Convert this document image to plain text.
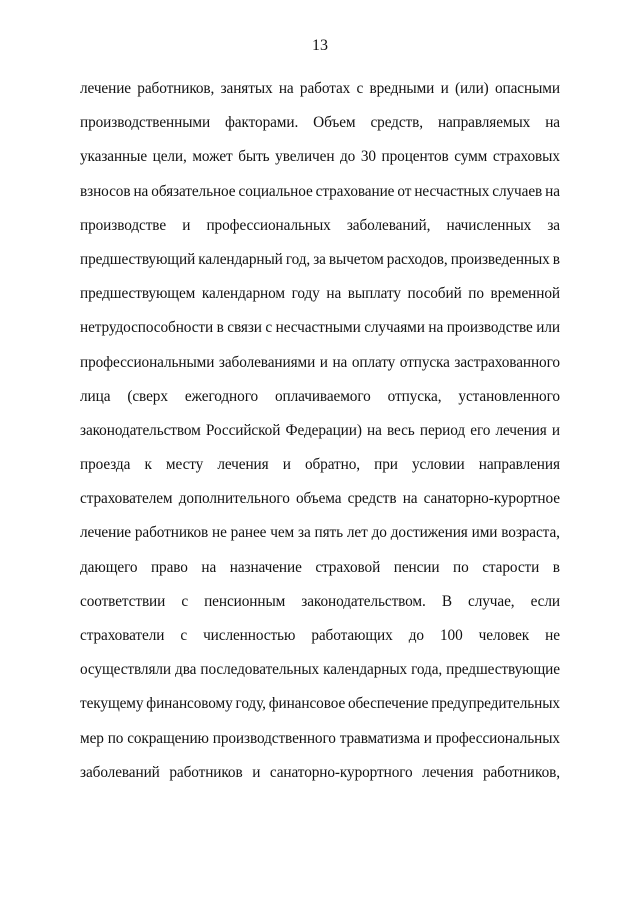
13
лечение работников, занятых на работах с вредными и (или) опасными
производственными факторами. Объем средств, направляемых на
указанные цели, может быть увеличен до 30 процентов сумм страховых
взносов на обязательное социальное страхование от несчастных случаев на
производстве и профессиональных заболеваний, начисленных за
предшествующий календарный год, за вычетом расходов, произведенных в
предшествующем календарном году на выплату пособий по временной
нетрудоспособности в связи с несчастными случаями на производстве или
профессиональными заболеваниями и на оплату отпуска застрахованного
лица (сверх ежегодного оплачиваемого отпуска, установленного
законодательством Российской Федерации) на весь период его лечения и
проезда к месту лечения и обратно, при условии направления
страхователем дополнительного объема средств на санаторно-курортное
лечение работников не ранее чем за пять лет до достижения ими возраста,
дающего право на назначение страховой пенсии по старости в
соответствии с пенсионным законодательством. В случае, если
страхователи с численностью работающих до 100 человек не
осуществляли два последовательных календарных года, предшествующие
текущему финансовому году, финансовое обеспечение предупредительных
мер по сокращению производственного травматизма и профессиональных
заболеваний работников и санаторно-курортного лечения работников,
